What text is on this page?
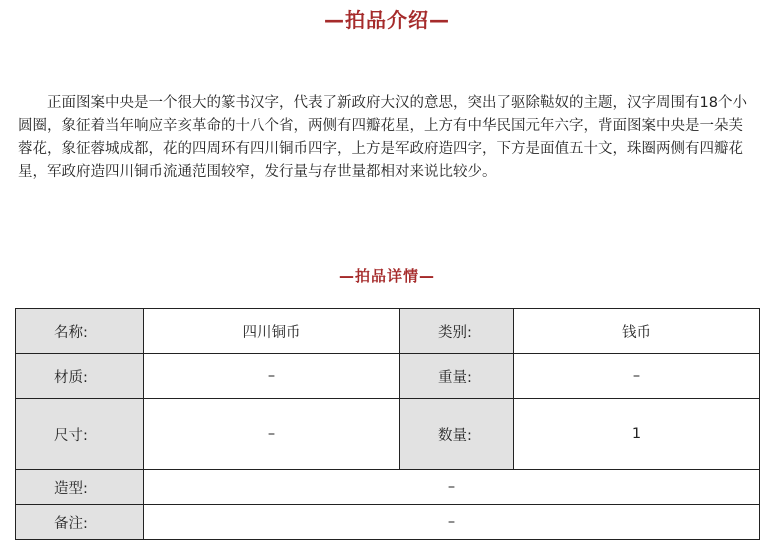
—拍品介绍—

正面图案中央是一个很大的篆书汉字，代表了新政府大汉的意思，突出了驱除鞑奴的主题，汉字周围有18个小圆圈，象征着当年响应辛亥革命的十八个省，两侧有四瓣花星，上方有中华民国元年六字，背面图案中央是一朵芙蓉花，象征蓉城成都，花的四周环有四川铜币四字，上方是军政府造四字，下方是面值五十文，珠圈两侧有四瓣花星，军政府造四川铜币流通范围较窄，发行量与存世量都相对来说比较少。

—拍品详情—
名称:	四川铜币	类别:	钱币
材质:	–	重量:	–
尺寸:	–	数量:	1
造型:	–		
备注:	–		
